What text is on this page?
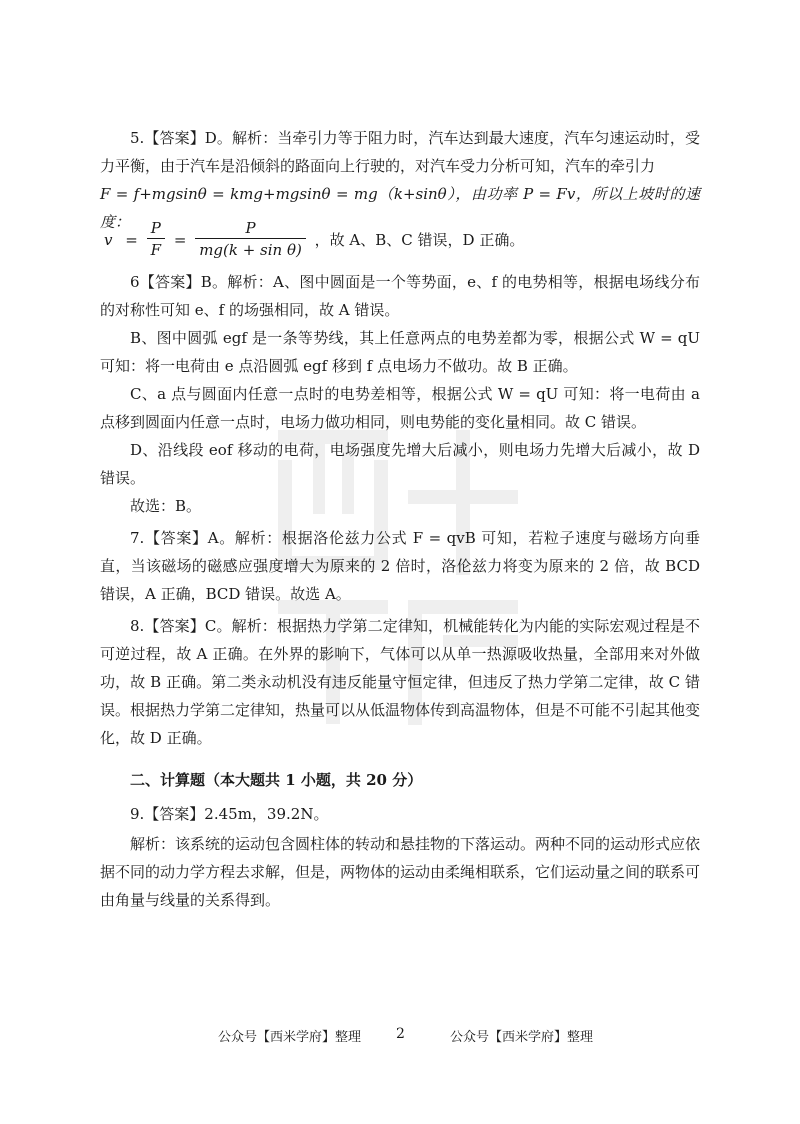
5.【答案】D。解析：当牵引力等于阻力时，汽车达到最大速度，汽车匀速运动时，受力平衡，由于汽车是沿倾斜的路面向上行驶的，对汽车受力分析可知，汽车的牵引力
F = f+mgsinθ = kmg+mgsinθ = mg（k+sinθ），由功率 P = Fv，所以上坡时的速度：

$v = \frac{P}{F} = \frac{P}{\text{mg(k + sin θ)}}$ ，故 A、B、C 错误，D 正确。

6【答案】B。解析：A、图中圆面是一个等势面，e、f 的电势相等，根据电场线分布的对称性可知 e、f 的场强相同，故 A 错误。

B、图中圆弧 egf 是一条等势线，其上任意两点的电势差都为零，根据公式 W = qU 可知：将一电荷由 e 点沿圆弧 egf 移到 f 点电场力不做功。故 B 正确。

C、a 点与圆面内任意一点时的电势差相等，根据公式 W = qU 可知：将一电荷由 a 点移到圆面内任意一点时，电场力做功相同，则电势能的变化量相同。故 C 错误。

D、沿线段 eof 移动的电荷，电场强度先增大后减小，则电场力先增大后减小，故 D 错误。

故选：B。

7.【答案】A。解析：根据洛伦兹力公式 F = qvB 可知，若粒子速度与磁场方向垂直，当该磁场的磁感应强度增大为原来的 2 倍时，洛伦兹力将变为原来的 2 倍，故 BCD 错误，A 正确，BCD 错误。故选 A。

8.【答案】C。解析：根据热力学第二定律知，机械能转化为内能的实际宏观过程是不可逆过程，故 A 正确。在外界的影响下，气体可以从单一热源吸收热量，全部用来对外做功，故 B 正确。第二类永动机没有违反能量守恒定律，但违反了热力学第二定律，故 C 错误。根据热力学第二定律知，热量可以从低温物体传到高温物体，但是不可能不引起其他变化，故 D 正确。

二、计算题（本大题共 1 小题，共 20 分）

9.【答案】2.45m，39.2N。

解析：该系统的运动包含圆柱体的转动和悬挂物的下落运动。两种不同的运动形式应依据不同的动力学方程去求解，但是，两物体的运动由柔绳相联系，它们运动量之间的联系可由角量与线量的关系得到。

公众号【西米学府】整理 2	公众号【西米学府】整理
